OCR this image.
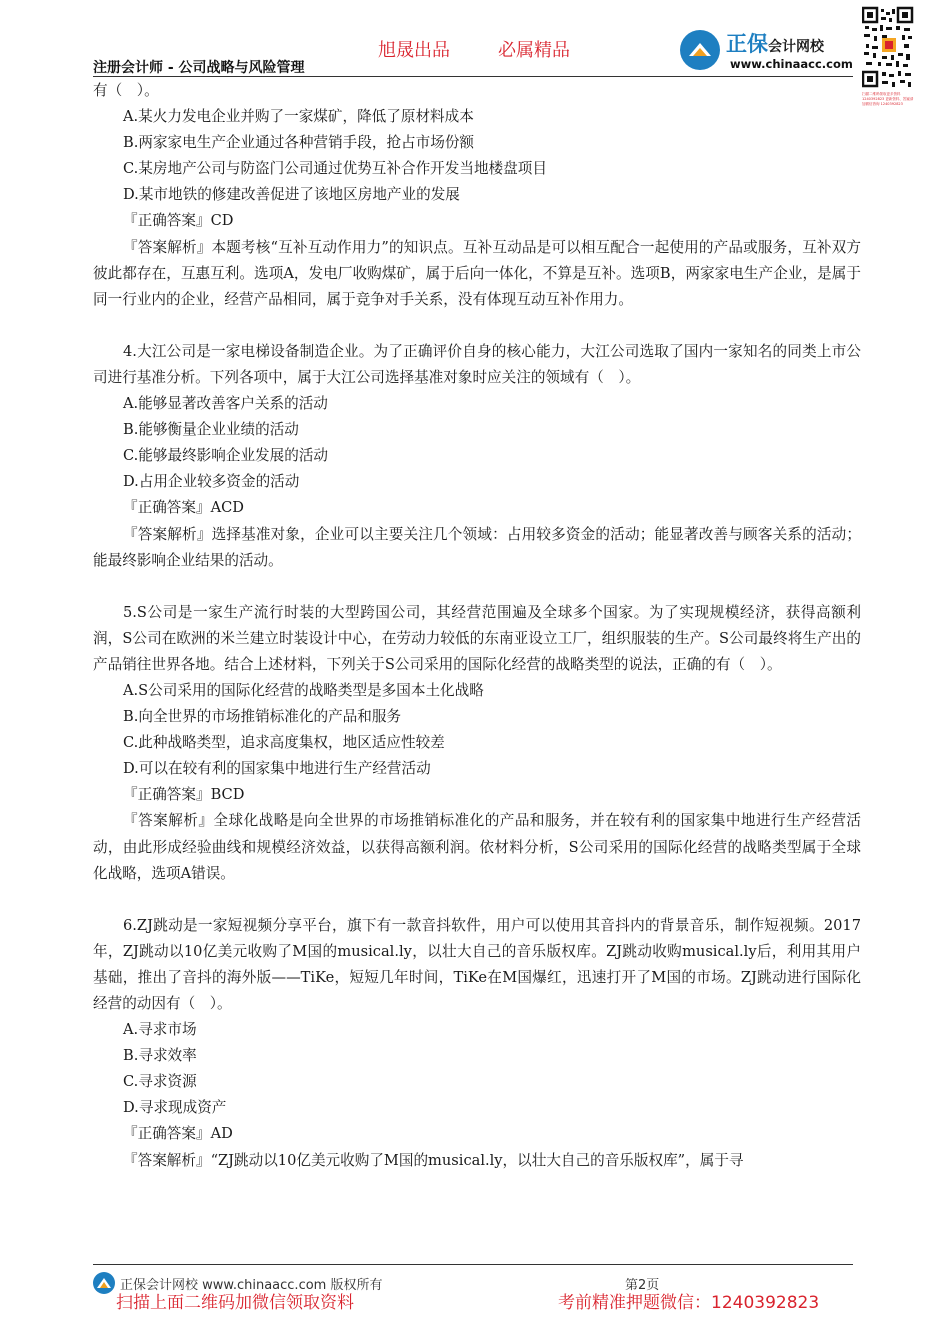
旭晟出品	必属精品
注册会计师 - 公司战略与风险管理
正保会计网校
www.chinaacc.com
扫描二维码领取更多资料 1240392823 更新资料、答疑请加微信咨询 1240392823

有（　）。

A.某火力发电企业并购了一家煤矿，降低了原材料成本

B.两家家电生产企业通过各种营销手段，抢占市场份额

C.某房地产公司与防盗门公司通过优势互补合作开发当地楼盘项目

D.某市地铁的修建改善促进了该地区房地产业的发展

『正确答案』CD

『答案解析』本题考核“互补互动作用力”的知识点。互补互动品是可以相互配合一起使用的产品或服务，互补双方彼此都存在，互惠互利。选项A，发电厂收购煤矿，属于后向一体化，不算是互补。选项B，两家家电生产企业，是属于同一行业内的企业，经营产品相同，属于竞争对手关系，没有体现互动互补作用力。

4.大江公司是一家电梯设备制造企业。为了正确评价自身的核心能力，大江公司选取了国内一家知名的同类上市公司进行基准分析。下列各项中，属于大江公司选择基准对象时应关注的领域有（　）。

A.能够显著改善客户关系的活动

B.能够衡量企业业绩的活动

C.能够最终影响企业发展的活动

D.占用企业较多资金的活动

『正确答案』ACD

『答案解析』选择基准对象，企业可以主要关注几个领域：占用较多资金的活动；能显著改善与顾客关系的活动；能最终影响企业结果的活动。

5.S公司是一家生产流行时装的大型跨国公司，其经营范围遍及全球多个国家。为了实现规模经济，获得高额利润，S公司在欧洲的米兰建立时装设计中心，在劳动力较低的东南亚设立工厂，组织服装的生产。S公司最终将生产出的产品销往世界各地。结合上述材料，下列关于S公司采用的国际化经营的战略类型的说法，正确的有（　）。

A.S公司采用的国际化经营的战略类型是多国本土化战略

B.向全世界的市场推销标准化的产品和服务

C.此种战略类型，追求高度集权，地区适应性较差

D.可以在较有利的国家集中地进行生产经营活动

『正确答案』BCD

『答案解析』全球化战略是向全世界的市场推销标准化的产品和服务，并在较有利的国家集中地进行生产经营活动，由此形成经验曲线和规模经济效益，以获得高额利润。依材料分析，S公司采用的国际化经营的战略类型属于全球化战略，选项A错误。

6.ZJ跳动是一家短视频分享平台，旗下有一款音抖软件，用户可以使用其音抖内的背景音乐，制作短视频。2017年，ZJ跳动以10亿美元收购了M国的musical.ly，以壮大自己的音乐版权库。ZJ跳动收购musical.ly后，利用其用户基础，推出了音抖的海外版——TiKe，短短几年时间，TiKe在M国爆红，迅速打开了M国的市场。ZJ跳动进行国际化经营的动因有（　）。

A.寻求市场

B.寻求效率

C.寻求资源

D.寻求现成资产

『正确答案』AD

『答案解析』“ZJ跳动以10亿美元收购了M国的musical.ly，以壮大自己的音乐版权库”，属于寻

正保会计网校 www.chinaacc.com 版权所有	第2页
扫描上面二维码加微信领取资料	考前精准押题微信：1240392823
